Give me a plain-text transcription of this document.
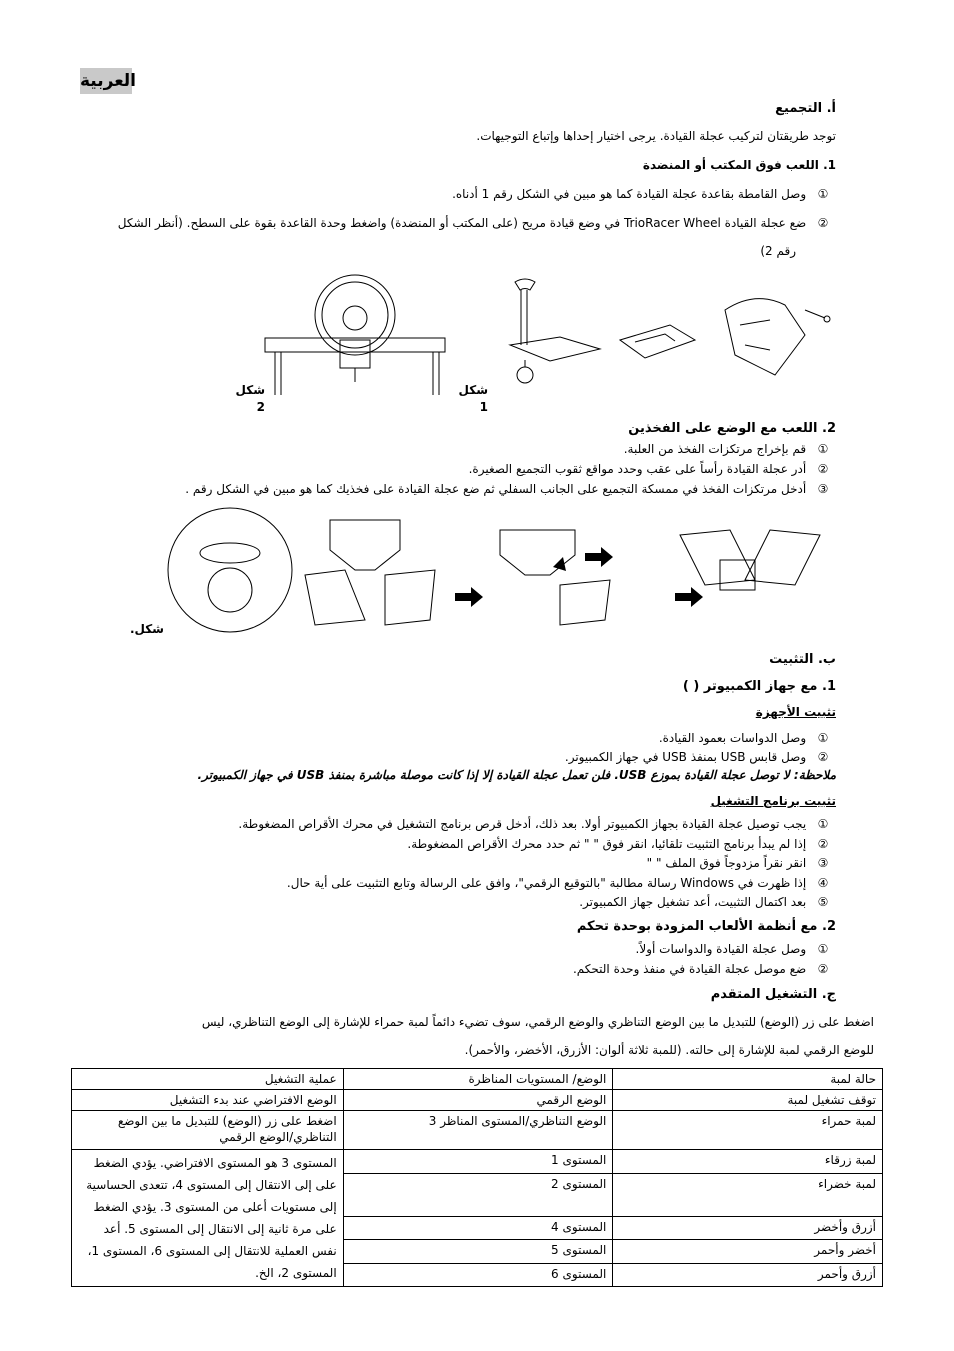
العربية
أ. التجميع
توجد طريقتان لتركيب عجلة القيادة. يرجى اختيار إحداها وإتباع التوجيهات.
1. اللعب فوق المكتب أو المنضدة
① وصل القامطة بقاعدة عجلة القيادة كما هو مبين في الشكل رقم 1 أدناه.
② ضع عجلة القيادة TrioRacer Wheel في وضع قيادة مريح (على المكتب أو المنضدة) واضغط وحدة القاعدة بقوة على السطح. (أنظر الشكل
رقم 2)
شكل 2
شكل 1
2. اللعب مع الوضع على الفخذين
① قم بإخراج مرتكزات الفخذ من العلبة.
② أدر عجلة القيادة رأساً على عقب وحدد مواقع ثقوب التجميع الصغيرة.
③ أدخل مرتكزات الفخذ في ممسكة التجميع على الجانب السفلي ثم ضع عجلة القيادة على فخذيك كما هو مبين في الشكل رقم .
شكل.
ب. التثبيت
1. مع جهاز الكمبيوتر ( )
تثبيت الأجهزة
① وصل الدواسات بعمود القيادة.
② وصل قابس USB بمنفذ USB في جهاز الكمبيوتر.
ملاحظة: لا توصل عجلة القيادة بموزع USB. فلن تعمل عجلة القيادة إلا إذا كانت موصلة مباشرة بمنفذ USB في جهاز الكمبيوتر.
تثبيت برنامج التشغيل
① يجب توصيل عجلة القيادة بجهاز الكمبيوتر أولا. بعد ذلك، أدخل قرص برنامج التشغيل في محرك الأقراص المضغوطة.
② إذا لم يبدأ برنامج التثبيت تلقائيا، انقر فوق " " ثم حدد محرك الأقراص المضغوطة.
③ انقر نقراً مزدوجاً فوق الملف " "
④ إذا ظهرت في Windows رسالة مطالبة "بالتوقيع الرقمي"، وافق على الرسالة وتابع التثبيت على أية حال.
⑤ بعد اكتمال التثبيت، أعد تشغيل جهاز الكمبيوتر.
2. مع أنظمة الألعاب المزودة بوحدة تحكم
① وصل عجلة القيادة والدواسات أولاً.
② ضع موصل عجلة القيادة في منفذ وحدة التحكم.
ج. التشغيل المتقدم
اضغط على زر (الوضع) للتبديل ما بين الوضع التناظري والوضع الرقمي، سوف تضيء دائماً لمبة حمراء للإشارة إلى الوضع التناظري، ليس
للوضع الرقمي لمبة للإشارة إلى حالته. (للمبة ثلاثة ألوان: الأزرق، الأخضر، والأحمر).
عملية التشغيل	الوضع/ المستويات المناظرة	حالة لمبة
الوضع الافتراضي عند بدء التشغيل	الوضع الرقمي	توقف تشغيل لمبة
اضغط على زر (الوضع) للتبديل ما بين الوضع التناظري/الوضع الرقمي	الوضع التناظري/المستوى المناظر 3	لمبة حمراء
المستوى 3 هو المستوى الافتراضي. يؤدي الضغط على إلى الانتقال إلى المستوى 4، تتعدى الحساسية إلى مستويات أعلى من المستوى 3. يؤدي الضغط على مرة ثانية إلى الانتقال إلى المستوى 5. أعد نفس العملية للانتقال إلى المستوى 6، المستوى 1، المستوى 2، الخ.	المستوى 1	لمبة زرقاء
	المستوى 2	لمبة خضراء
	المستوى 4	أزرق وأخضر
	المستوى 5	أخضر وأحمر
	المستوى 6	أزرق وأحمر
